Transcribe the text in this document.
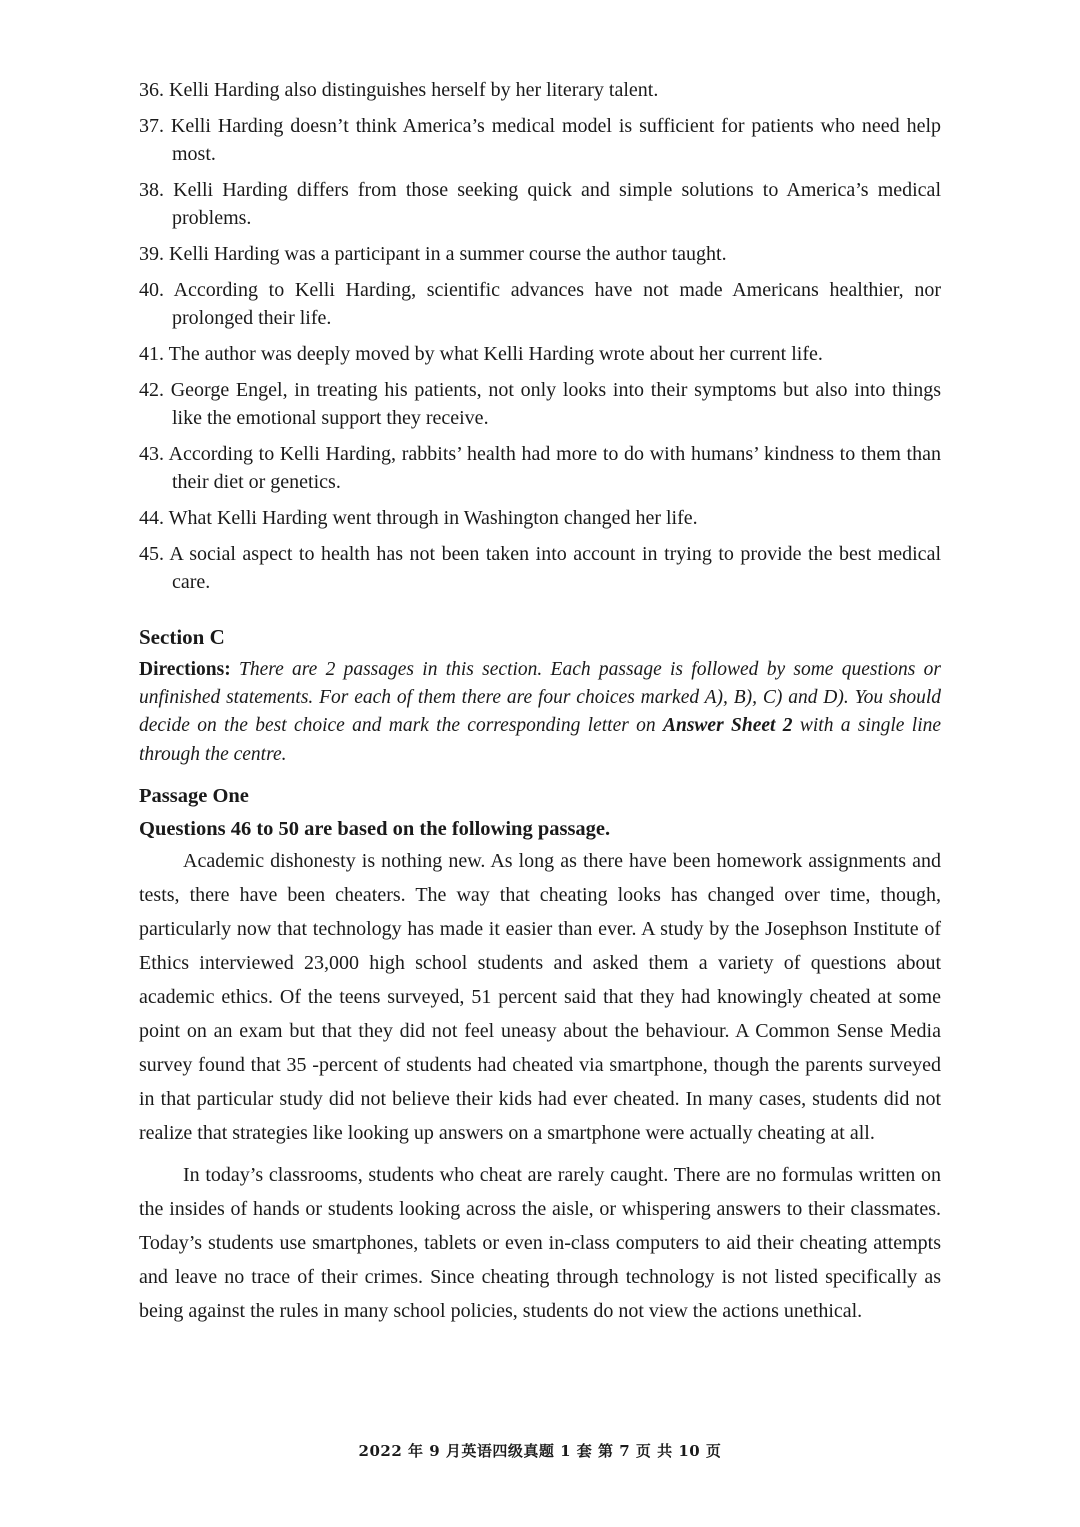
36. Kelli Harding also distinguishes herself by her literary talent.
37. Kelli Harding doesn’t think America’s medical model is sufficient for patients who need help most.
38. Kelli Harding differs from those seeking quick and simple solutions to America’s medical problems.
39. Kelli Harding was a participant in a summer course the author taught.
40. According to Kelli Harding, scientific advances have not made Americans healthier, nor prolonged their life.
41. The author was deeply moved by what Kelli Harding wrote about her current life.
42. George Engel, in treating his patients, not only looks into their symptoms but also into things like the emotional support they receive.
43. According to Kelli Harding, rabbits’ health had more to do with humans’ kindness to them than their diet or genetics.
44. What Kelli Harding went through in Washington changed her life.
45. A social aspect to health has not been taken into account in trying to provide the best medical care.
Section C
Directions: There are 2 passages in this section. Each passage is followed by some questions or unfinished statements. For each of them there are four choices marked A), B), C) and D). You should decide on the best choice and mark the corresponding letter on Answer Sheet 2 with a single line through the centre.
Passage One
Questions 46 to 50 are based on the following passage.

Academic dishonesty is nothing new. As long as there have been homework assignments and tests, there have been cheaters. The way that cheating looks has changed over time, though, particularly now that technology has made it easier than ever. A study by the Josephson Institute of Ethics interviewed 23,000 high school students and asked them a variety of questions about academic ethics. Of the teens surveyed, 51 percent said that they had knowingly cheated at some point on an exam but that they did not feel uneasy about the behaviour. A Common Sense Media survey found that 35 -percent of students had cheated via smartphone, though the parents surveyed in that particular study did not believe their kids had ever cheated. In many cases, students did not realize that strategies like looking up answers on a smartphone were actually cheating at all.

In today’s classrooms, students who cheat are rarely caught. There are no formulas written on the insides of hands or students looking across the aisle, or whispering answers to their classmates. Today’s students use smartphones, tablets or even in-class computers to aid their cheating attempts and leave no trace of their crimes. Since cheating through technology is not listed specifically as being against the rules in many school policies, students do not view the actions unethical.

2022 年 9 月英语四级真题 1 套 第 7 页 共 10 页
